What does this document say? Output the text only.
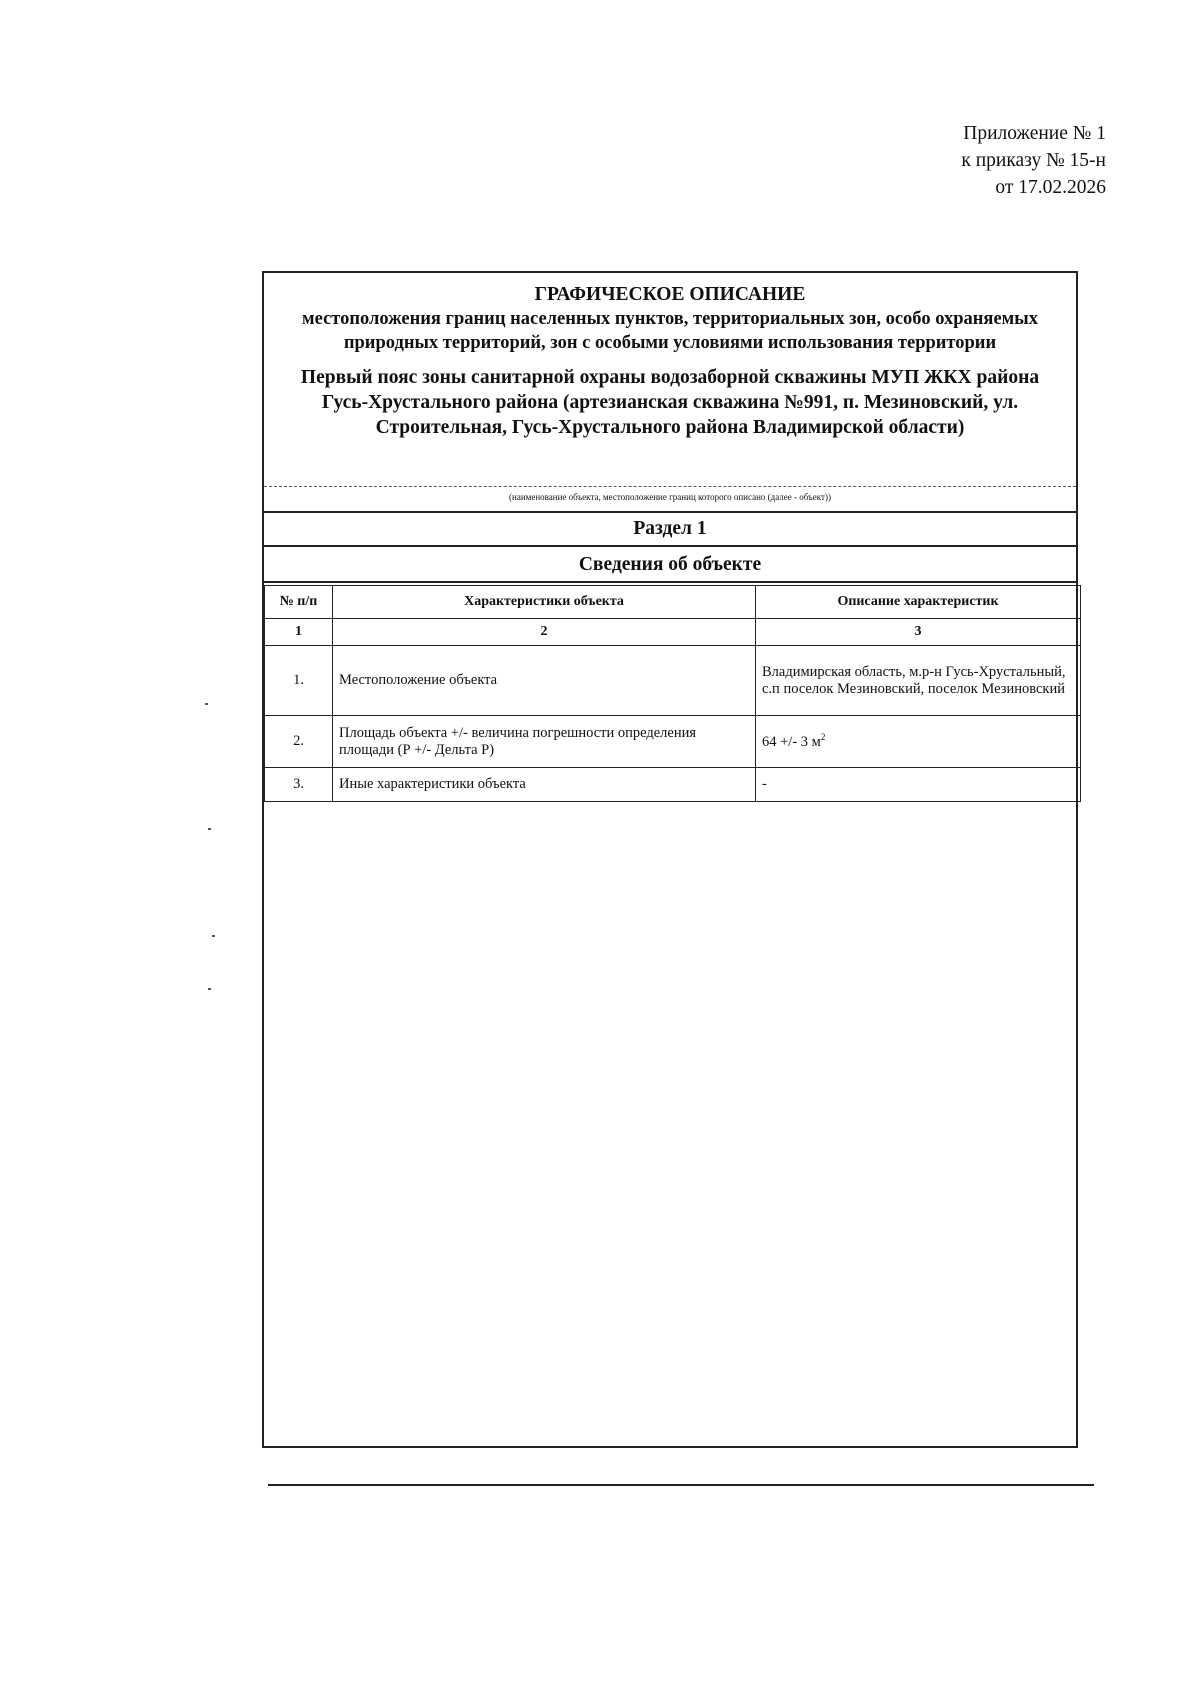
Приложение № 1
к приказу № 15-н
от 17.02.2026
ГРАФИЧЕСКОЕ ОПИСАНИЕ
местоположения границ населенных пунктов, территориальных зон, особо охраняемых природных территорий, зон с особыми условиями использования территории
Первый пояс зоны санитарной охраны водозаборной скважины МУП ЖКХ района Гусь-Хрустального района (артезианская скважина №991, п. Мезиновский, ул. Строительная, Гусь-Хрустального района Владимирской области)
(наименование объекта, местоположение границ которого описано (далее - объект))
Раздел 1
Сведения об объекте
№ п/п	Характеристики объекта	Описание характеристик
1	2	3
1.	Местоположение объекта	Владимирская область, м.р-н Гусь-Хрустальный, с.п поселок Мезиновский, поселок Мезиновский
2.	Площадь объекта +/- величина погрешности определения площади (Р +/- Дельта Р)	64 +/- 3 $м^2$
3.	Иные характеристики объекта	-
